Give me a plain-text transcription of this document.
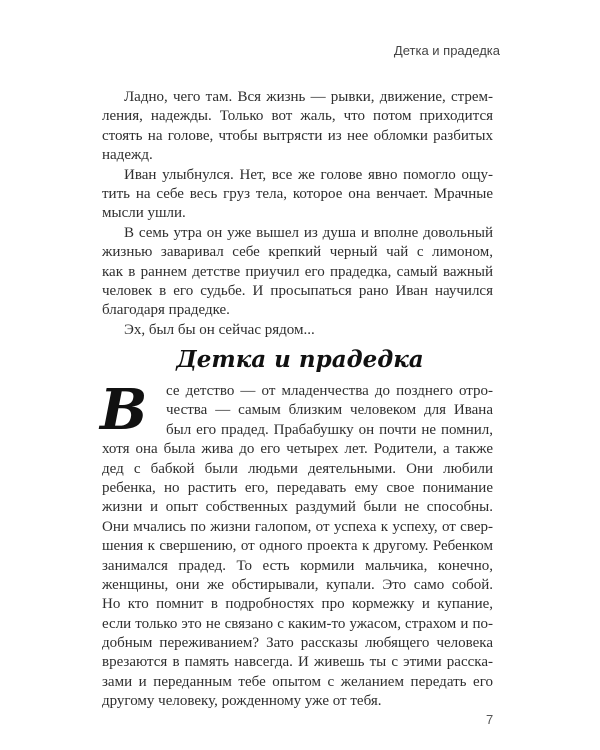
Детка и прадедка
Ладно, чего там. Вся жизнь — рывки, движение, стрем-
ления, надежды. Только вот жаль, что потом приходится
стоять на голове, чтобы вытрясти из нее обломки разбитых
надежд.
Иван улыбнулся. Нет, все же голове явно помогло ощу-
тить на себе весь груз тела, которое она венчает. Мрачные
мысли ушли.
В семь утра он уже вышел из душа и вполне довольный
жизнью заваривал себе крепкий черный чай с лимоном,
как в раннем детстве приучил его прадедка, самый важный
человек в его судьбе. И просыпаться рано Иван научился
благодаря прадедке.
Эх, был бы он сейчас рядом...
Детка и прадедка
В	се детство — от младенчества до позднего отро-
чества — самым близким человеком для Ивана
был его прадед. Прабабушку он почти не помнил,
хотя она была жива до его четырех лет. Родители, а также
дед с бабкой были людьми деятельными. Они любили
ребенка, но растить его, передавать ему свое понимание
жизни и опыт собственных раздумий были не способны.
Они мчались по жизни галопом, от успеха к успеху, от свер-
шения к свершению, от одного проекта к другому. Ребенком
занимался прадед. То есть кормили мальчика, конечно,
женщины, они же обстирывали, купали. Это само собой.
Но кто помнит в подробностях про кормежку и купание,
если только это не связано с каким-то ужасом, страхом и по-
добным переживанием? Зато рассказы любящего человека
врезаются в память навсегда. И живешь ты с этими расска-
зами и переданным тебе опытом с желанием передать его
другому человеку, рожденному уже от тебя.
7
